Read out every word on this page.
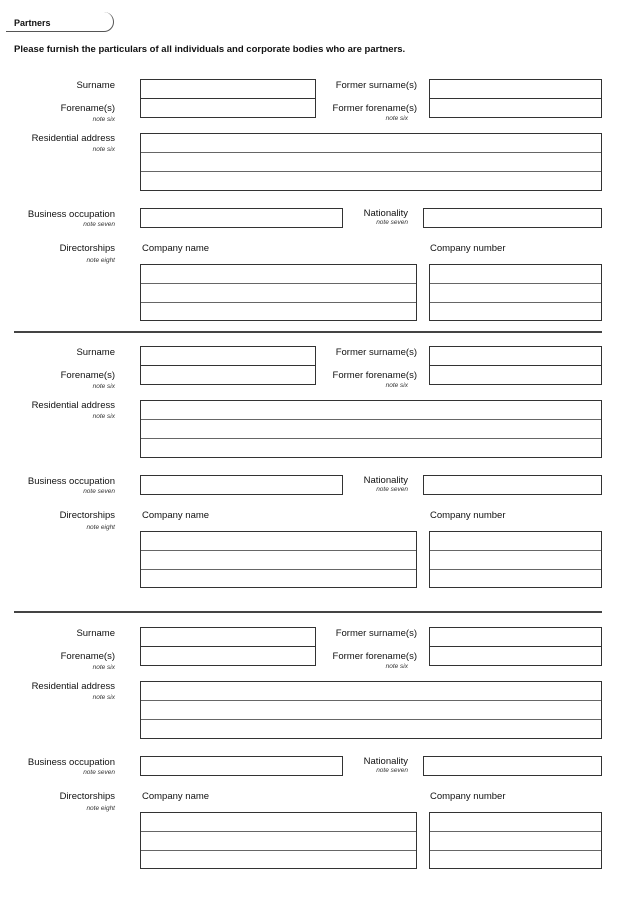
Partners
Please furnish the particulars of all individuals and corporate bodies who are partners.
Surname	Former surname(s)
Forename(s)
note six
Former forename(s)
note six
Residential address
note six
Business occupation
note seven
Nationality
note seven
Directorships
note eight
Company name	Company number
Surname	Former surname(s)
Forename(s)
note six
Former forename(s)
note six
Residential address
note six
Business occupation
note seven
Nationality
note seven
Directorships
note eight
Company name	Company number
Surname	Former surname(s)
Forename(s)
note six
Former forename(s)
note six
Residential address
note six
Business occupation
note seven
Nationality
note seven
Directorships
note eight
Company name	Company number
